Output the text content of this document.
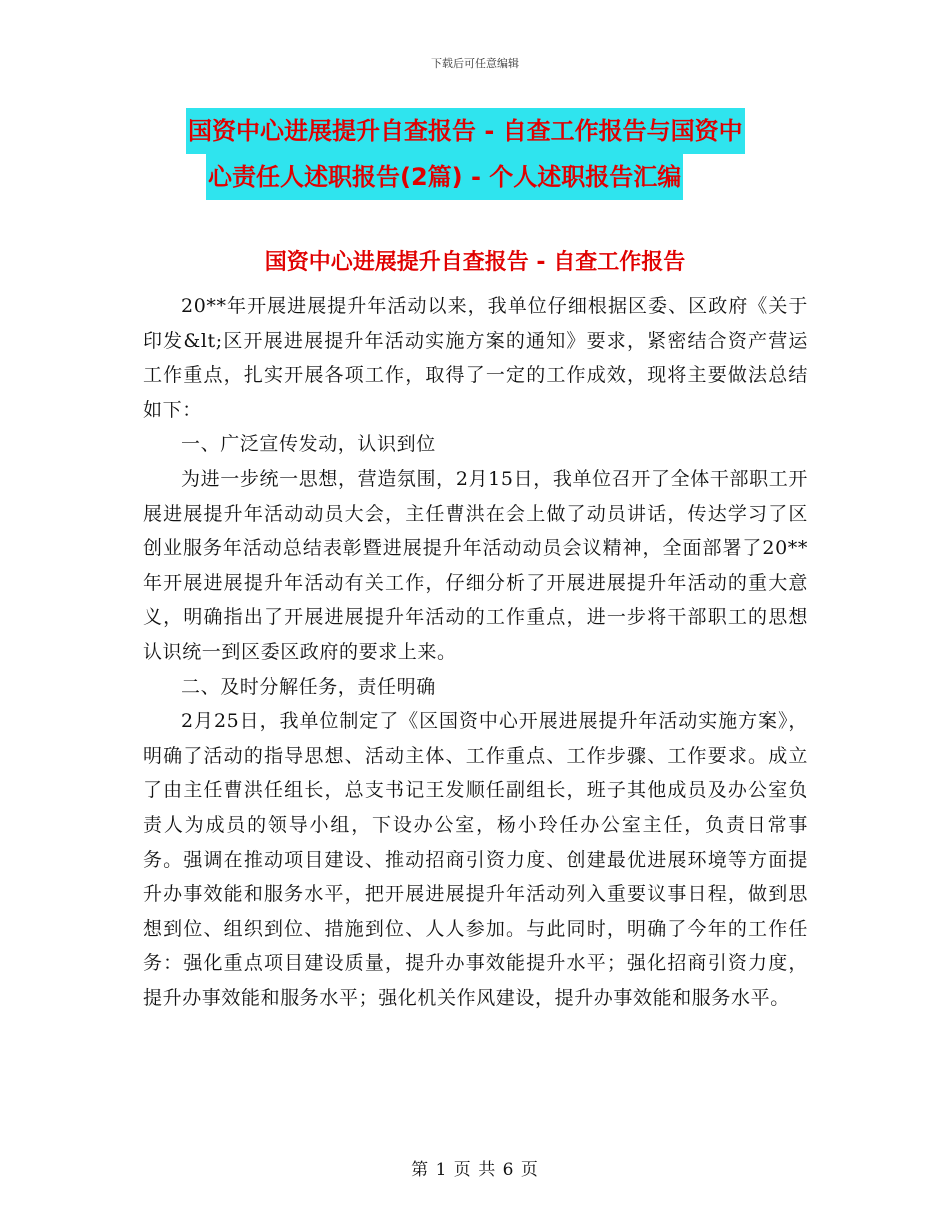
下载后可任意编辑
国资中心进展提升自查报告 - 自查工作报告与国资中
心责任人述职报告(2篇) - 个人述职报告汇编
国资中心进展提升自查报告 - 自查工作报告

20**年开展进展提升年活动以来，我单位仔细根据区委、区政府《关于印发&lt;区开展进展提升年活动实施方案的通知》要求，紧密结合资产营运工作重点，扎实开展各项工作，取得了一定的工作成效，现将主要做法总结如下：

一、广泛宣传发动，认识到位

为进一步统一思想，营造氛围，2月15日，我单位召开了全体干部职工开展进展提升年活动动员大会，主任曹洪在会上做了动员讲话，传达学习了区创业服务年活动总结表彰暨进展提升年活动动员会议精神，全面部署了20**年开展进展提升年活动有关工作，仔细分析了开展进展提升年活动的重大意义，明确指出了开展进展提升年活动的工作重点，进一步将干部职工的思想认识统一到区委区政府的要求上来。

二、及时分解任务，责任明确

2月25日，我单位制定了《区国资中心开展进展提升年活动实施方案》，明确了活动的指导思想、活动主体、工作重点、工作步骤、工作要求。成立了由主任曹洪任组长，总支书记王发顺任副组长，班子其他成员及办公室负责人为成员的领导小组，下设办公室，杨小玲任办公室主任，负责日常事务。强调在推动项目建设、推动招商引资力度、创建最优进展环境等方面提升办事效能和服务水平，把开展进展提升年活动列入重要议事日程，做到思想到位、组织到位、措施到位、人人参加。与此同时，明确了今年的工作任务：强化重点项目建设质量，提升办事效能提升水平；强化招商引资力度，提升办事效能和服务水平；强化机关作风建设，提升办事效能和服务水平。

第 1 页 共 6 页
